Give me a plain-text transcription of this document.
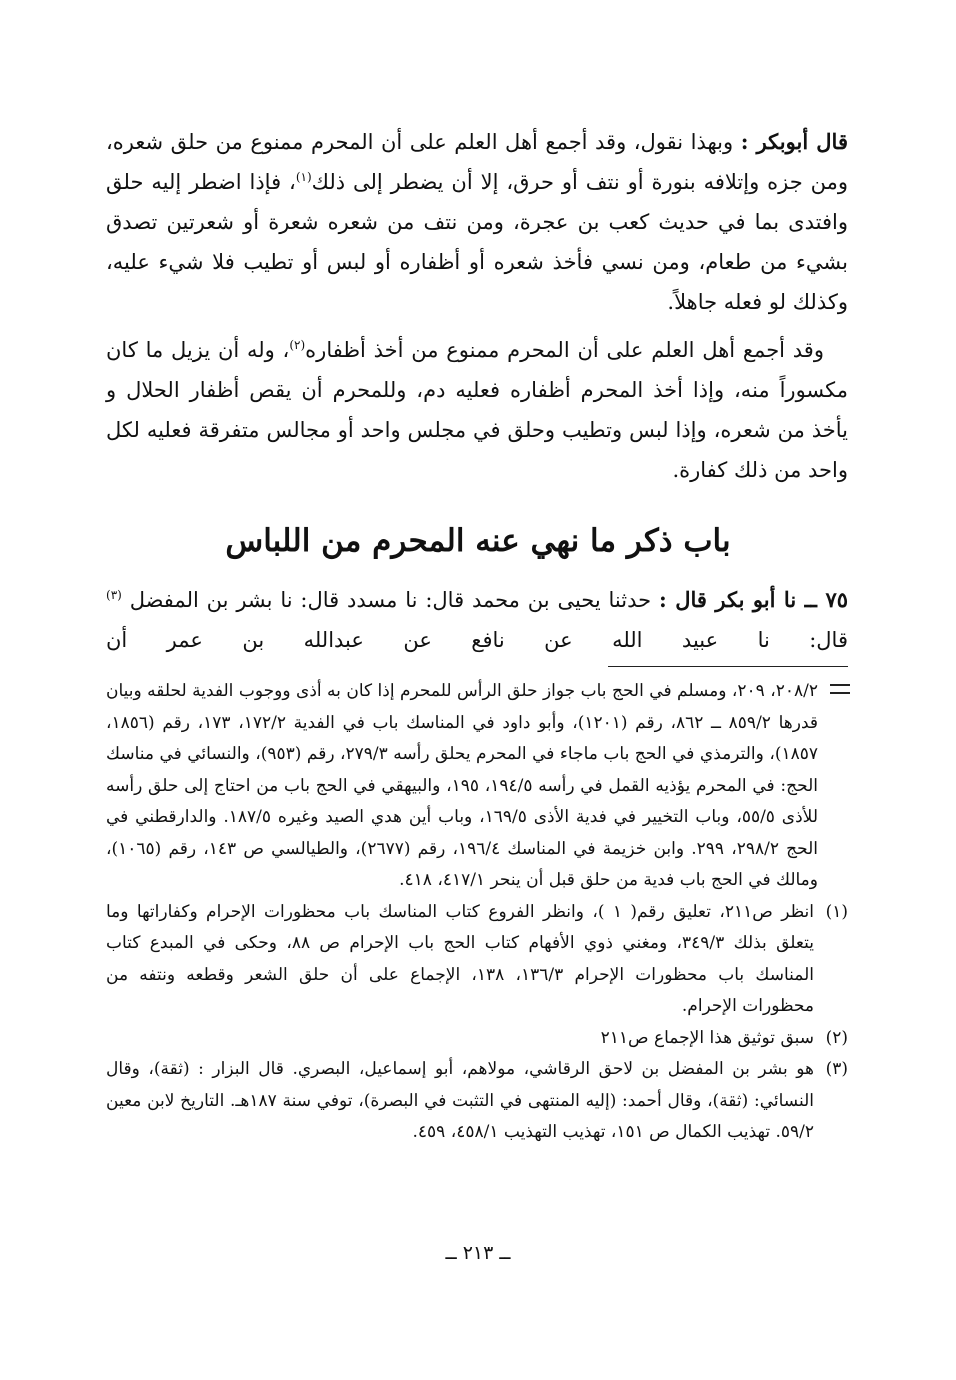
قال أبوبكر : وبهذا نقول، وقد أجمع أهل العلم على أن المحرم ممنوع من حلق شعره، ومن جزه وإتلافه بنورة أو نتف أو حرق، إلا أن يضطر إلى ذلك$^{(١)}$، فإذا اضطر إليه حلق وافتدى بما في حديث كعب بن عجرة، ومن نتف من شعره شعرة أو شعرتين تصدق بشيء من طعام، ومن نسي فأخذ شعره أو أظفاره أو لبس أو تطيب فلا شيء عليه، وكذلك لو فعله جاهلاً.

وقد أجمع أهل العلم على أن المحرم ممنوع من أخذ أظفاره$^{(٢)}$، وله أن يزيل ما كان مكسوراً منه، وإذا أخذ المحرم أظفاره فعليه دم، وللمحرم أن يقص أظفار الحلال و يأخذ من شعره، وإذا لبس وتطيب وحلق في مجلس واحد أو مجالس متفرقة فعليه لكل واحد من ذلك كفارة.

باب ذكر ما نهي عنه المحرم من اللباس

٧٥ ــ نا أبو بكر قال : حدثنا يحيى بن محمد قال: نا مسدد قال: نا بشر بن المفضل $^{(٣)}$ قال: نا عبيد الله عن نافع عن عبدالله بن عمر أن

٢٠٨/٢، ٢٠٩، ومسلم في الحج باب جواز حلق الرأس للمحرم إذا كان به أذى ووجوب الفدية لحلقه وبيان قدرها ٨٥٩/٢ ــ ٨٦٢، رقم (١٢٠١)، وأبو داود في المناسك باب في الفدية ١٧٢/٢، ١٧٣، رقم (١٨٥٦، ١٨٥٧)، والترمذي في الحج باب ماجاء في المحرم يحلق رأسه ٢٧٩/٣، رقم (٩٥٣)، والنسائي في مناسك الحج: في المحرم يؤذيه القمل في رأسه ١٩٤/٥، ١٩٥، والبيهقي في الحج باب من احتاج إلى حلق رأسه للأذى ٥٥/٥، وباب التخيير في فدية الأذى ١٦٩/٥، وباب أين هدي الصيد وغيره ١٨٧/٥. والدارقطني في الحج ٢٩٨/٢، ٢٩٩. وابن خزيمة في المناسك ١٩٦/٤، رقم (٢٦٧٧)، والطيالسي ص ١٤٣، رقم (١٠٦٥)، ومالك في الحج باب فدية من حلق قبل أن ينحر ٤١٧/١، ٤١٨.

(١)
انظر ص٢١١، تعليق رقم( ١ )، وانظر الفروع كتاب المناسك باب محظورات الإحرام وكفاراتها وما يتعلق بذلك ٣٤٩/٣، ومغني ذوي الأفهام كتاب الحج باب الإحرام ص ٨٨، وحكى في المبدع كتاب المناسك باب محظورات الإحرام ١٣٦/٣، ١٣٨، الإجماع على أن حلق الشعر وقطعه ونتفه من محظورات الإحرام.

(٢)
سبق توثيق هذا الإجماع ص٢١١

(٣)
هو بشر بن المفضل بن لاحق الرقاشي، مولاهم، أبو إسماعيل، البصري. قال البزار : (ثقة)، وقال النسائي: (ثقة)، وقال أحمد: (إليه المنتهى في التثبت في البصرة)، توفي سنة ١٨٧هـ. التاريخ لابن معين ٥٩/٢. تهذيب الكمال ص ١٥١، تهذيب التهذيب ٤٥٨/١، ٤٥٩.

ــ ٢١٣ ــ
